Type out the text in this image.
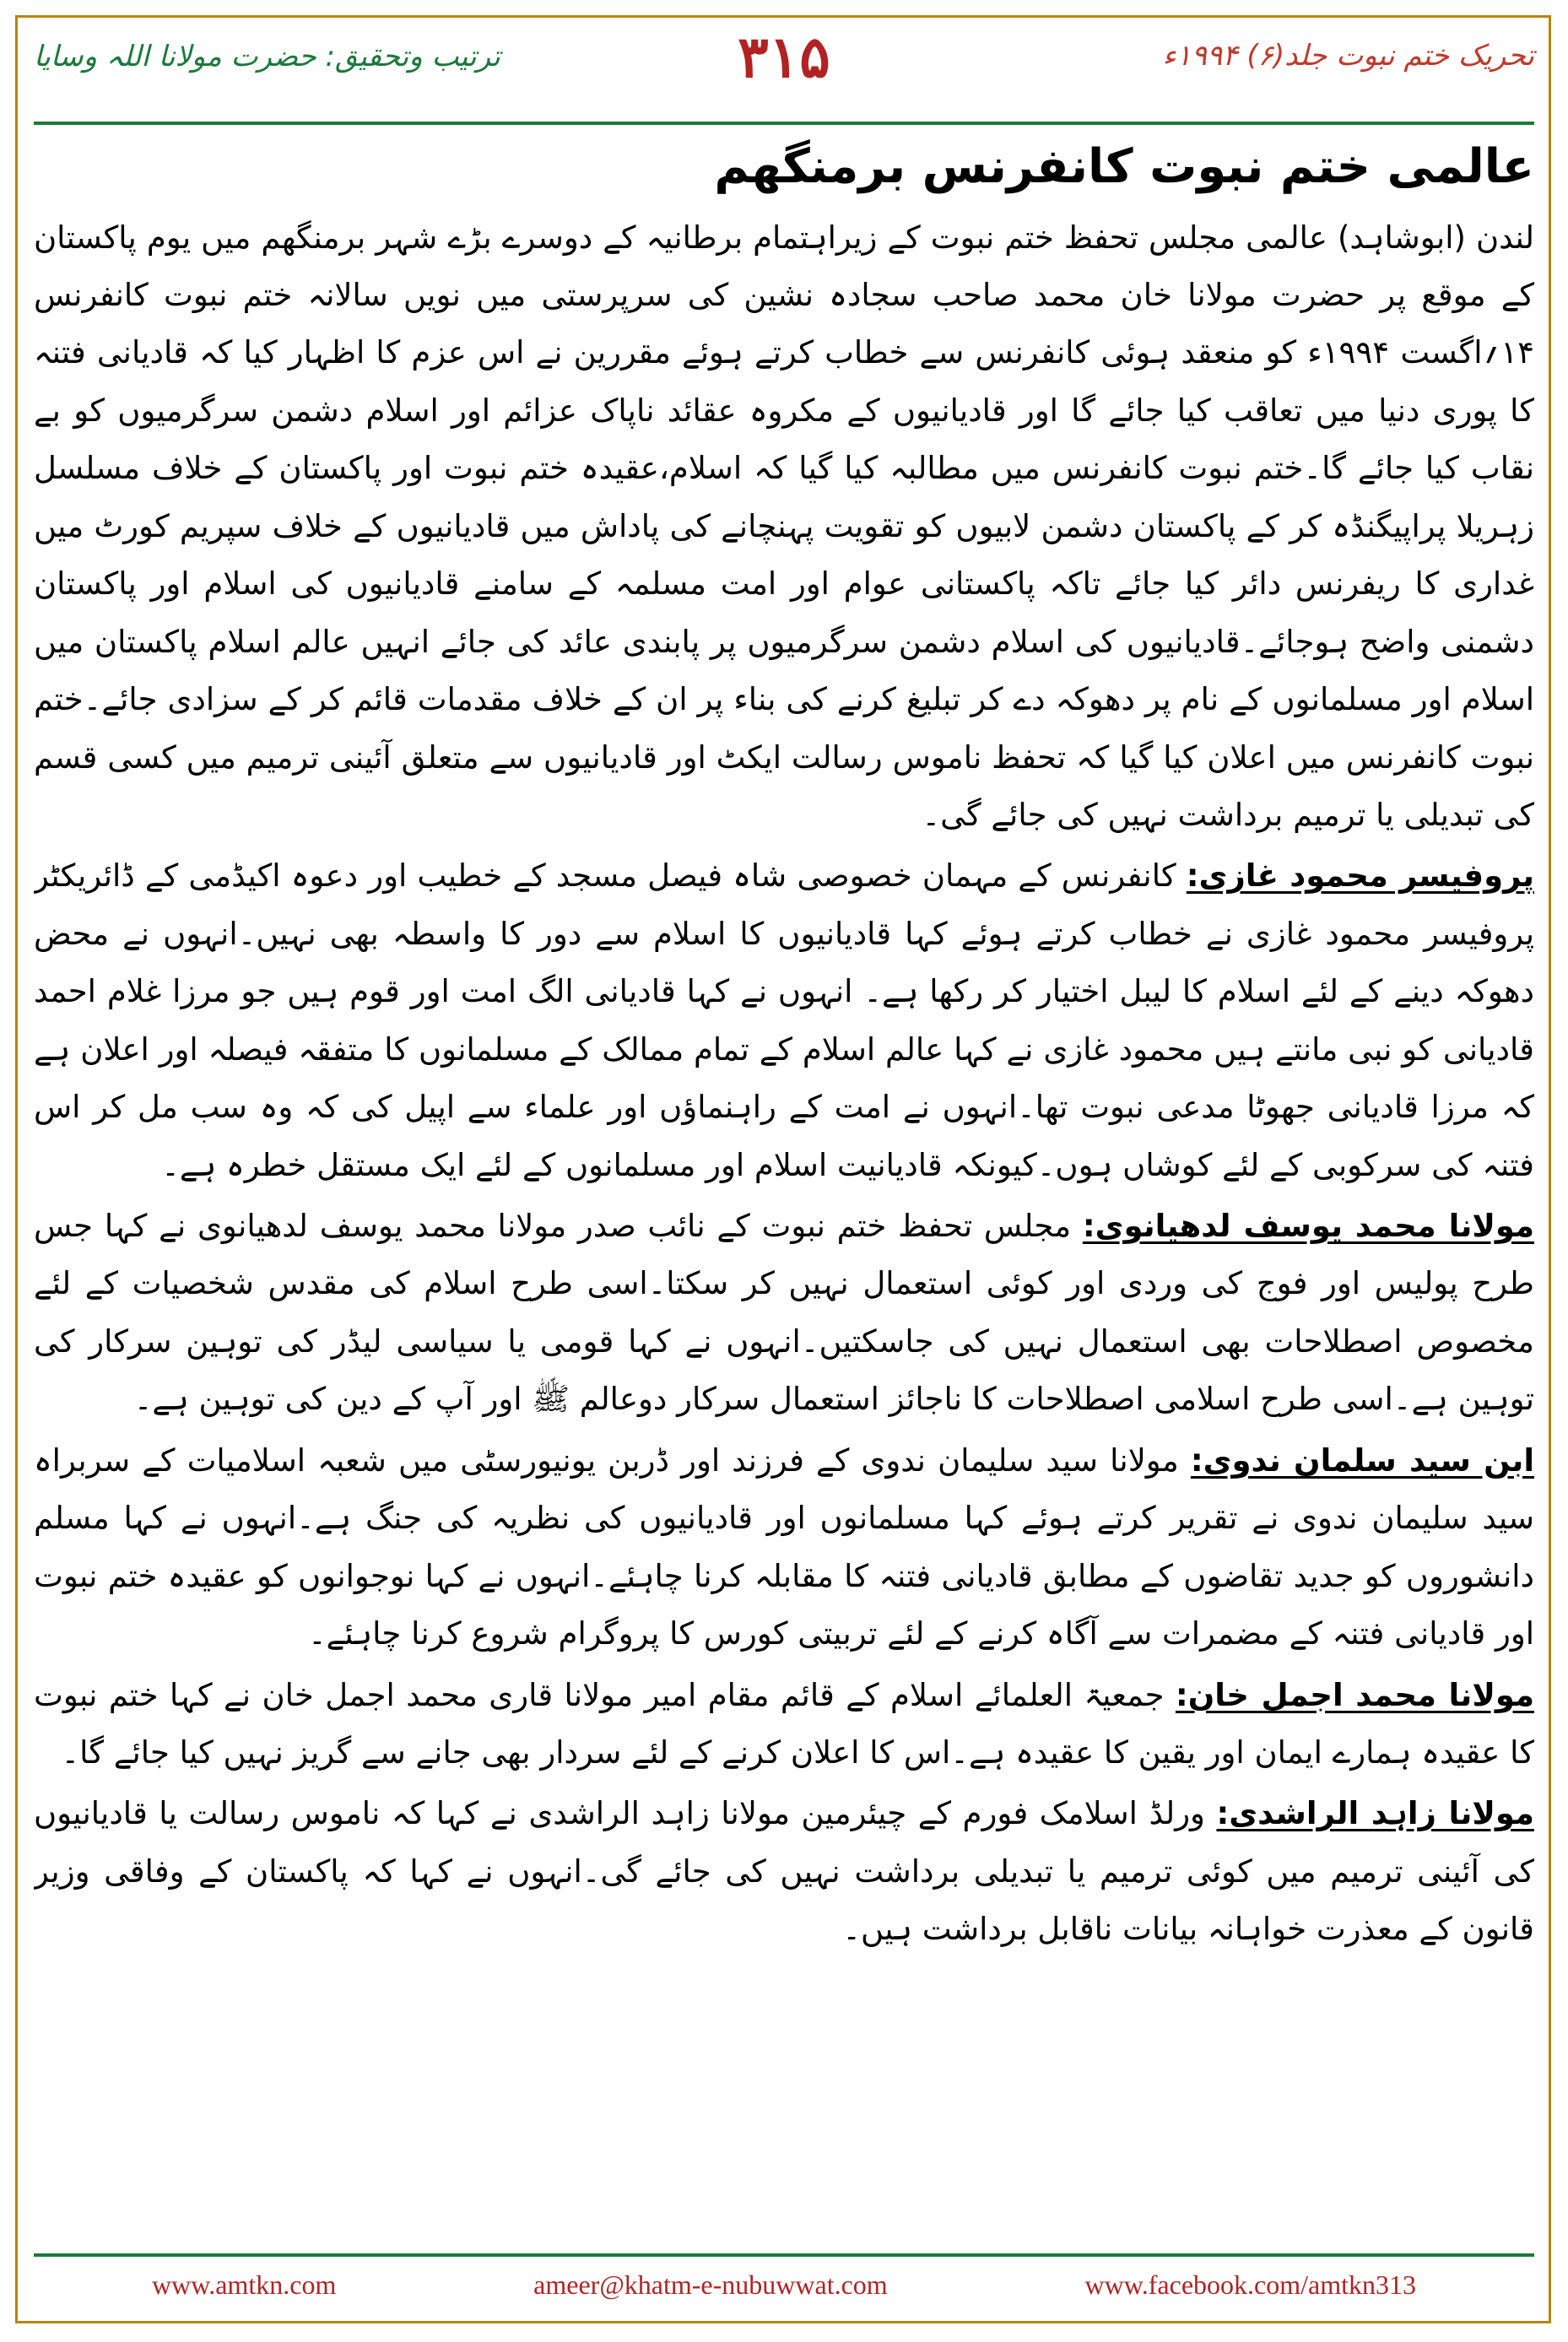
ترتیب وتحقیق: حضرت مولانا اللہ وسایا	۳۱۵	تحریک ختم نبوت جلد(۶) ۱۹۹۴ء
عالمی ختم نبوت کانفرنس برمنگھم

لندن (ابوشاہد) عالمی مجلس تحفظ ختم نبوت کے زیراہتمام برطانیہ کے دوسرے بڑے شہر برمنگھم میں یوم پاکستان کے موقع پر حضرت مولانا خان محمد صاحب سجادہ نشین کی سرپرستی میں نویں سالانہ ختم نبوت کانفرنس ۱۴؍اگست ۱۹۹۴ء کو منعقد ہوئی کانفرنس سے خطاب کرتے ہوئے مقررین نے اس عزم کا اظہار کیا کہ قادیانی فتنہ کا پوری دنیا میں تعاقب کیا جائے گا اور قادیانیوں کے مکروہ عقائد ناپاک عزائم اور اسلام دشمن سرگرمیوں کو بے نقاب کیا جائے گا۔ختم نبوت کانفرنس میں مطالبہ کیا گیا کہ اسلام،عقیدہ ختم نبوت اور پاکستان کے خلاف مسلسل زہریلا پراپیگنڈہ کر کے پاکستان دشمن لابیوں کو تقویت پہنچانے کی پاداش میں قادیانیوں کے خلاف سپریم کورٹ میں غداری کا ریفرنس دائر کیا جائے تاکہ پاکستانی عوام اور امت مسلمہ کے سامنے قادیانیوں کی اسلام اور پاکستان دشمنی واضح ہوجائے۔قادیانیوں کی اسلام دشمن سرگرمیوں پر پابندی عائد کی جائے انہیں عالم اسلام پاکستان میں اسلام اور مسلمانوں کے نام پر دھوکہ دے کر تبلیغ کرنے کی بناء پر ان کے خلاف مقدمات قائم کر کے سزادی جائے۔ختم نبوت کانفرنس میں اعلان کیا گیا کہ تحفظ ناموس رسالت ایکٹ اور قادیانیوں سے متعلق آئینی ترمیم میں کسی قسم کی تبدیلی یا ترمیم برداشت نہیں کی جائے گی۔

پروفیسر محمود غازی: کانفرنس کے مہمان خصوصی شاہ فیصل مسجد کے خطیب اور دعوہ اکیڈمی کے ڈائریکٹر پروفیسر محمود غازی نے خطاب کرتے ہوئے کہا قادیانیوں کا اسلام سے دور کا واسطہ بھی نہیں۔انہوں نے محض دھوکہ دینے کے لئے اسلام کا لیبل اختیار کر رکھا ہے۔ انہوں نے کہا قادیانی الگ امت اور قوم ہیں جو مرزا غلام احمد قادیانی کو نبی مانتے ہیں محمود غازی نے کہا عالم اسلام کے تمام ممالک کے مسلمانوں کا متفقہ فیصلہ اور اعلان ہے کہ مرزا قادیانی جھوٹا مدعی نبوت تھا۔انہوں نے امت کے راہنماؤں اور علماء سے اپیل کی کہ وہ سب مل کر اس فتنہ کی سرکوبی کے لئے کوشاں ہوں۔کیونکہ قادیانیت اسلام اور مسلمانوں کے لئے ایک مستقل خطرہ ہے۔

مولانا محمد یوسف لدھیانوی: مجلس تحفظ ختم نبوت کے نائب صدر مولانا محمد یوسف لدھیانوی نے کہا جس طرح پولیس اور فوج کی وردی اور کوئی استعمال نہیں کر سکتا۔اسی طرح اسلام کی مقدس شخصیات کے لئے مخصوص اصطلاحات بھی استعمال نہیں کی جاسکتیں۔انہوں نے کہا قومی یا سیاسی لیڈر کی توہین سرکار کی توہین ہے۔اسی طرح اسلامی اصطلاحات کا ناجائز استعمال سرکار دوعالم ﷺ اور آپ کے دین کی توہین ہے۔

ابن سید سلمان ندوی: مولانا سید سلیمان ندوی کے فرزند اور ڈربن یونیورسٹی میں شعبہ اسلامیات کے سربراہ سید سلیمان ندوی نے تقریر کرتے ہوئے کہا مسلمانوں اور قادیانیوں کی نظریہ کی جنگ ہے۔انہوں نے کہا مسلم دانشوروں کو جدید تقاضوں کے مطابق قادیانی فتنہ کا مقابلہ کرنا چاہئے۔انہوں نے کہا نوجوانوں کو عقیدہ ختم نبوت اور قادیانی فتنہ کے مضمرات سے آگاہ کرنے کے لئے تربیتی کورس کا پروگرام شروع کرنا چاہئے۔

مولانا محمد اجمل خان: جمعیۃ العلمائے اسلام کے قائم مقام امیر مولانا قاری محمد اجمل خان نے کہا ختم نبوت کا عقیدہ ہمارے ایمان اور یقین کا عقیدہ ہے۔اس کا اعلان کرنے کے لئے سردار بھی جانے سے گریز نہیں کیا جائے گا۔

مولانا زاہد الراشدی: ورلڈ اسلامک فورم کے چیئرمین مولانا زاہد الراشدی نے کہا کہ ناموس رسالت یا قادیانیوں کی آئینی ترمیم میں کوئی ترمیم یا تبدیلی برداشت نہیں کی جائے گی۔انہوں نے کہا کہ پاکستان کے وفاقی وزیر قانون کے معذرت خواہانہ بیانات ناقابل برداشت ہیں۔

www.amtkn.com	ameer@khatm-e-nubuwwat.com	www.facebook.com/amtkn313
